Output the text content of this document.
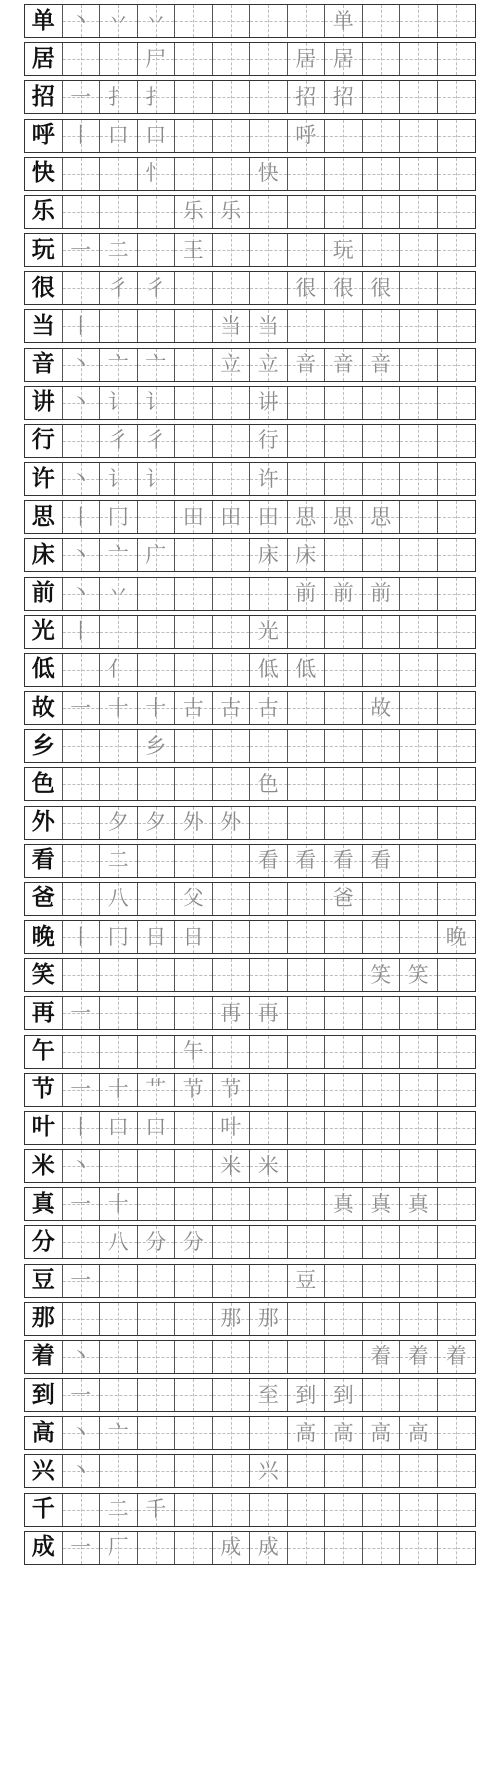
单 丶 丷 丷	单
居	尸	居 居
招 一 扌 扌	招 招
呼 丨 口 口	呼
快	忄	快
乐	乐 乐
玩 一 二	王	玩
很	彳 彳	很 很 很
当 丨	当 当
音 丶 亠 亠	立 立 音 音 音
讲 丶 讠 讠	讲
行	彳 彳	行
许 丶 讠 讠	许
思 丨 冂	田 田 田 思 思 思
床 丶 亠 广	床 床
前 丶 丷	前 前 前
光 丨	光
低	亻	低 低
故 一 十 十 古 古 古	故
乡	乡
色	色
外	夕 夕 外 外
看	二	看 看 看 看
爸	八	父	爸
晚 丨 冂 日 日	晚
笑	笑 笑
再 一	再 再
午	午
节 一 十 艹 节 节
叶 丨 口 口	叶
米 丶	米 米
真 一 十	真 真 真
分	八 分 分
豆 一	豆
那	那 那
着 丶	着 着 着
到 一	至 到 到
高 丶 亠	高 高 高 高
兴 丶	兴
千	二 千
成 一 厂	成 成
